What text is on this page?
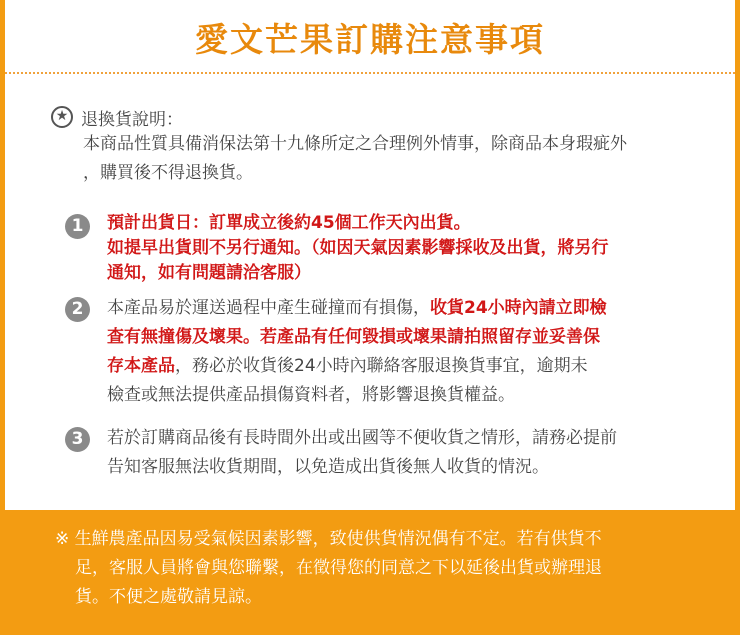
愛文芒果訂購注意事項
★ 退換貨說明：
本商品性質具備消保法第十九條所定之合理例外情事，除商品本身瑕疵外
，購買後不得退換貨。
1	預計出貨日：訂單成立後約45個工作天內出貨。
如提早出貨則不另行通知。（如因天氣因素影響採收及出貨，將另行
通知，如有問題請洽客服）
2	本產品易於運送過程中產生碰撞而有損傷，收貨24小時內請立即檢
查有無撞傷及壞果。若產品有任何毀損或壞果請拍照留存並妥善保
存本產品，務必於收貨後24小時內聯絡客服退換貨事宜，逾期未
檢查或無法提供產品損傷資料者，將影響退換貨權益。
3	若於訂購商品後有長時間外出或出國等不便收貨之情形，請務必提前
告知客服無法收貨期間，以免造成出貨後無人收貨的情況。
※ 生鮮農產品因易受氣候因素影響，致使供貨情況偶有不定。若有供貨不
足，客服人員將會與您聯繫，在徵得您的同意之下以延後出貨或辦理退
貨。不便之處敬請見諒。
